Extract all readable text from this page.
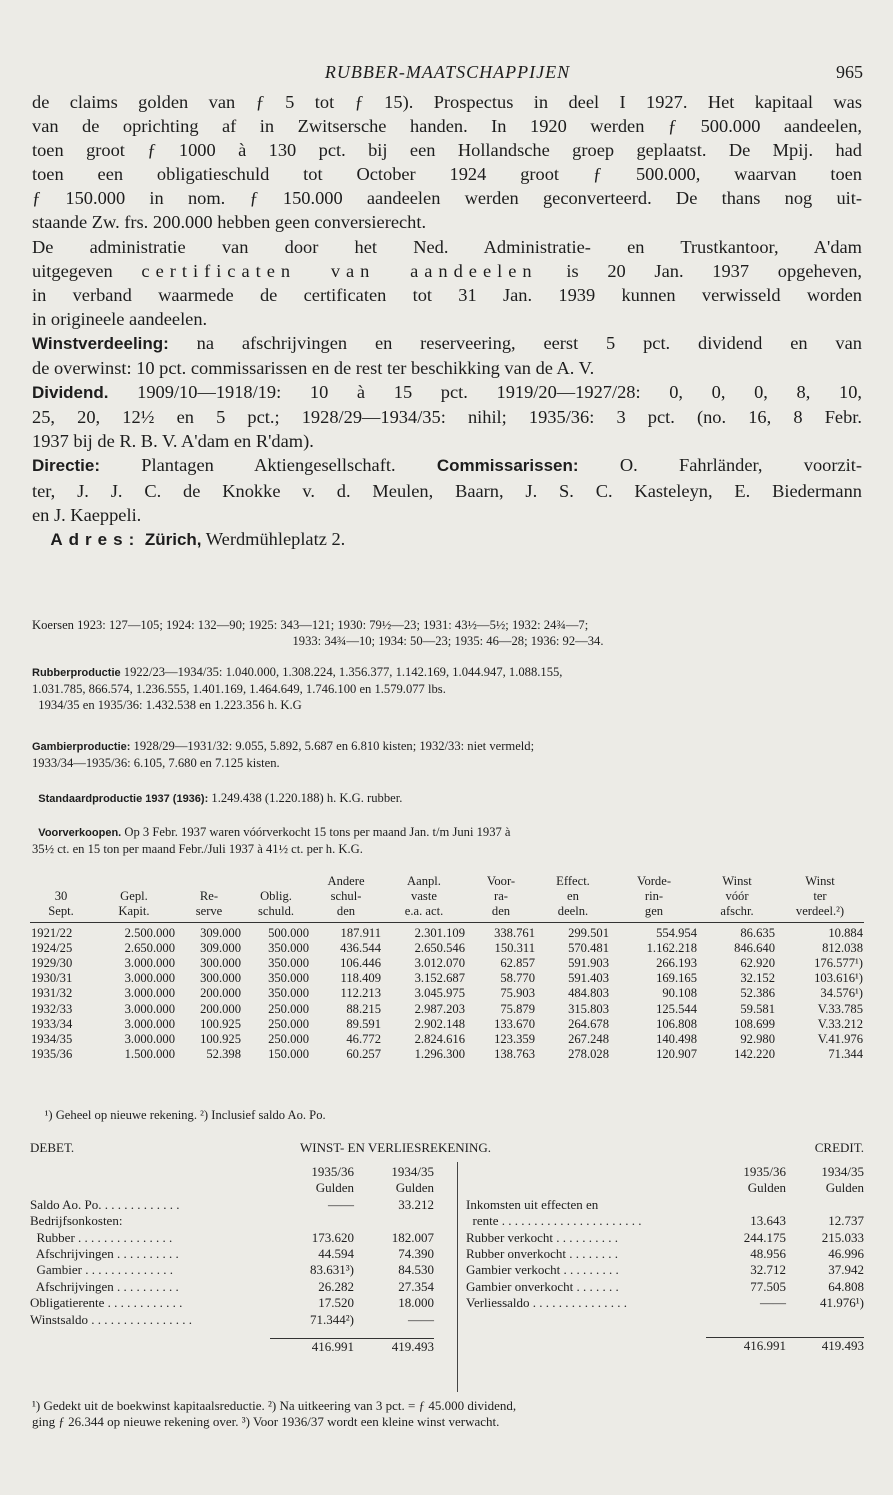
RUBBER-MAATSCHAPPIJEN	965

de claims golden van ƒ 5 tot ƒ 15). Prospectus in deel I 1927. Het kapitaal was

van de oprichting af in Zwitsersche handen. In 1920 werden ƒ 500.000 aandeelen,

toen groot ƒ 1000 à 130 pct. bij een Hollandsche groep geplaatst. De Mpij. had

toen een obligatieschuld tot October 1924 groot ƒ 500.000, waarvan toen

ƒ 150.000 in nom. ƒ 150.000 aandeelen werden geconverteerd. De thans nog uit-

staande Zw. frs. 200.000 hebben geen conversierecht.

De administratie van door het Ned. Administratie- en Trustkantoor, A'dam

uitgegeven certificaten van aandeelen is 20 Jan. 1937 opgeheven,

in verband waarmede de certificaten tot 31 Jan. 1939 kunnen verwisseld worden

in origineele aandeelen.

Winstverdeeling: na afschrijvingen en reserveering, eerst 5 pct. dividend en van

de overwinst: 10 pct. commissarissen en de rest ter beschikking van de A. V.

Dividend. 1909/10—1918/19: 10 à 15 pct. 1919/20—1927/28: 0, 0, 0, 8, 10,

25, 20, 12½ en 5 pct.; 1928/29—1934/35: nihil; 1935/36: 3 pct. (no. 16, 8 Febr.

1937 bij de R. B. V. A'dam en R'dam).

Directie: Plantagen Aktiengesellschaft. Commissarissen: O. Fahrländer, voorzit-

ter, J. J. C. de Knokke v. d. Meulen, Baarn, J. S. C. Kasteleyn, E. Biedermann

en J. Kaeppeli.

 Adres: Zürich, Werdmühleplatz 2.

Koersen 1923: 127—105; 1924: 132—90; 1925: 343—121; 1930: 79½—23; 1931: 43½—5½; 1932: 24¾—7;

1933: 34¾—10; 1934: 50—23; 1935: 46—28; 1936: 92—34.

Rubberproductie 1922/23—1934/35: 1.040.000, 1.308.224, 1.356.377, 1.142.169, 1.044.947, 1.088.155,

1.031.785, 866.574, 1.236.555, 1.401.169, 1.464.649, 1.746.100 en 1.579.077 lbs.

 1934/35 en 1935/36: 1.432.538 en 1.223.356 h. K.G

Gambierproductie: 1928/29—1931/32: 9.055, 5.892, 5.687 en 6.810 kisten; 1932/33: niet vermeld;

1933/34—1935/36: 6.105, 7.680 en 7.125 kisten.

 Standaardproductie 1937 (1936): 1.249.438 (1.220.188) h. K.G. rubber.

 Voorverkoopen. Op 3 Febr. 1937 waren vóórverkocht 15 tons per maand Jan. t/m Juni 1937 à

35½ ct. en 15 ton per maand Febr./Juli 1937 à 41½ ct. per h. K.G.

				Andere	Aanpl.	Voor-	Effect.	Vorde-	Winst	Winst
30	Gepl.	Re-	Oblig.	schul-	vaste	ra-	en	rin-	vóór	ter
Sept.	Kapit.	serve	schuld.	den	e.a. act.	den	deeln.	gen	afschr.	verdeel.²)
1921/22	2.500.000	309.000	500.000	187.911	2.301.109	338.761	299.501	554.954	86.635	10.884
1924/25	2.650.000	309.000	350.000	436.544	2.650.546	150.311	570.481	1.162.218	846.640	812.038
1929/30	3.000.000	300.000	350.000	106.446	3.012.070	62.857	591.903	266.193	62.920	176.577¹)
1930/31	3.000.000	300.000	350.000	118.409	3.152.687	58.770	591.403	169.165	32.152	103.616¹)
1931/32	3.000.000	200.000	350.000	112.213	3.045.975	75.903	484.803	90.108	52.386	34.576¹)
1932/33	3.000.000	200.000	250.000	88.215	2.987.203	75.879	315.803	125.544	59.581	V.33.785
1933/34	3.000.000	100.925	250.000	89.591	2.902.148	133.670	264.678	106.808	108.699	V.33.212
1934/35	3.000.000	100.925	250.000	46.772	2.824.616	123.359	267.248	140.498	92.980	V.41.976
1935/36	1.500.000	52.398	150.000	60.257	1.296.300	138.763	278.028	120.907	142.220	71.344

 ¹) Geheel op nieuwe rekening. ²) Inclusief saldo Ao. Po.

DEBET.	WINST- EN VERLIESREKENING.	CREDIT.
	1935/36	1934/35
	Gulden	Gulden
Saldo Ao. Po. . . . . . . . . . . . .	——	33.212
Bedrijfsonkosten:		
Rubber . . . . . . . . . . . . . . .	173.620	182.007
Afschrijvingen . . . . . . . . . .	44.594	74.390
Gambier . . . . . . . . . . . . . .	83.631³)	84.530
Afschrijvingen . . . . . . . . . .	26.282	27.354
Obligatierente . . . . . . . . . . . .	17.520	18.000
Winstsaldo . . . . . . . . . . . . . . . .	71.344²)	——

	416.991	419.493
	1935/36	1934/35
	Gulden	Gulden
Inkomsten uit effecten en		
rente . . . . . . . . . . . . . . . . . . . . . .	13.643	12.737
Rubber verkocht . . . . . . . . . .	244.175	215.033
Rubber onverkocht . . . . . . . .	48.956	46.996
Gambier verkocht . . . . . . . . .	32.712	37.942
Gambier onverkocht . . . . . . .	77.505	64.808
Verliessaldo . . . . . . . . . . . . . . .	——	41.976¹)

	416.991	419.493

¹) Gedekt uit de boekwinst kapitaalsreductie. ²) Na uitkeering van 3 pct. = ƒ 45.000 dividend,

ging ƒ 26.344 op nieuwe rekening over. ³) Voor 1936/37 wordt een kleine winst verwacht.
